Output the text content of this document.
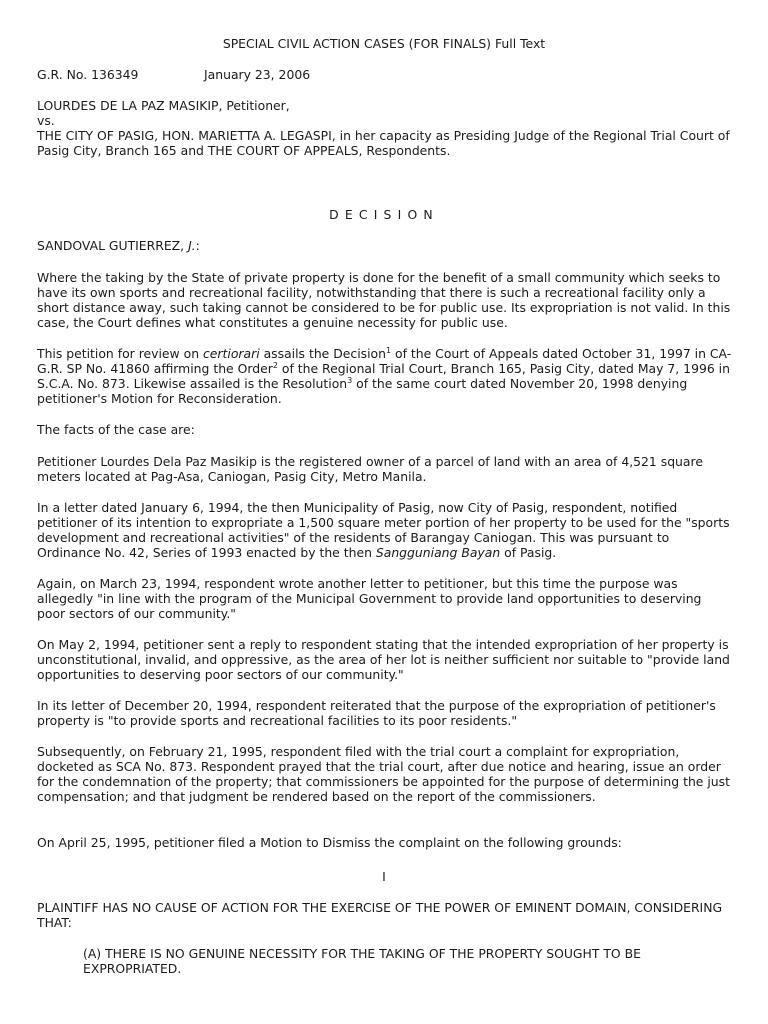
SPECIAL CIVIL ACTION CASES (FOR FINALS) Full Text
G.R. No. 136349	January 23, 2006
LOURDES DE LA PAZ MASIKIP, Petitioner,
vs.
THE CITY OF PASIG, HON. MARIETTA A. LEGASPI, in her capacity as Presiding Judge of the Regional Trial Court of Pasig City, Branch 165 and THE COURT OF APPEALS, Respondents.
DECISION

SANDOVAL GUTIERREZ, J.:

Where the taking by the State of private property is done for the benefit of a small community which seeks to have its own sports and recreational facility, notwithstanding that there is such a recreational facility only a short distance away, such taking cannot be considered to be for public use. Its expropriation is not valid. In this case, the Court defines what constitutes a genuine necessity for public use.

This petition for review on certiorari assails the Decision$^1$ of the Court of Appeals dated October 31, 1997 in CA-G.R. SP No. 41860 affirming the Order$^2$ of the Regional Trial Court, Branch 165, Pasig City, dated May 7, 1996 in S.C.A. No. 873. Likewise assailed is the Resolution$^3$ of the same court dated November 20, 1998 denying petitioner's Motion for Reconsideration.

The facts of the case are:

Petitioner Lourdes Dela Paz Masikip is the registered owner of a parcel of land with an area of 4,521 square meters located at Pag-Asa, Caniogan, Pasig City, Metro Manila.

In a letter dated January 6, 1994, the then Municipality of Pasig, now City of Pasig, respondent, notified petitioner of its intention to expropriate a 1,500 square meter portion of her property to be used for the "sports development and recreational activities" of the residents of Barangay Caniogan. This was pursuant to Ordinance No. 42, Series of 1993 enacted by the then Sangguniang Bayan of Pasig.

Again, on March 23, 1994, respondent wrote another letter to petitioner, but this time the purpose was allegedly "in line with the program of the Municipal Government to provide land opportunities to deserving poor sectors of our community."

On May 2, 1994, petitioner sent a reply to respondent stating that the intended expropriation of her property is unconstitutional, invalid, and oppressive, as the area of her lot is neither sufficient nor suitable to "provide land opportunities to deserving poor sectors of our community."

In its letter of December 20, 1994, respondent reiterated that the purpose of the expropriation of petitioner's property is "to provide sports and recreational facilities to its poor residents."

Subsequently, on February 21, 1995, respondent filed with the trial court a complaint for expropriation, docketed as SCA No. 873. Respondent prayed that the trial court, after due notice and hearing, issue an order for the condemnation of the property; that commissioners be appointed for the purpose of determining the just compensation; and that judgment be rendered based on the report of the commissioners.

On April 25, 1995, petitioner filed a Motion to Dismiss the complaint on the following grounds:

I

PLAINTIFF HAS NO CAUSE OF ACTION FOR THE EXERCISE OF THE POWER OF EMINENT DOMAIN, CONSIDERING THAT:

(A) THERE IS NO GENUINE NECESSITY FOR THE TAKING OF THE PROPERTY SOUGHT TO BE EXPROPRIATED.
